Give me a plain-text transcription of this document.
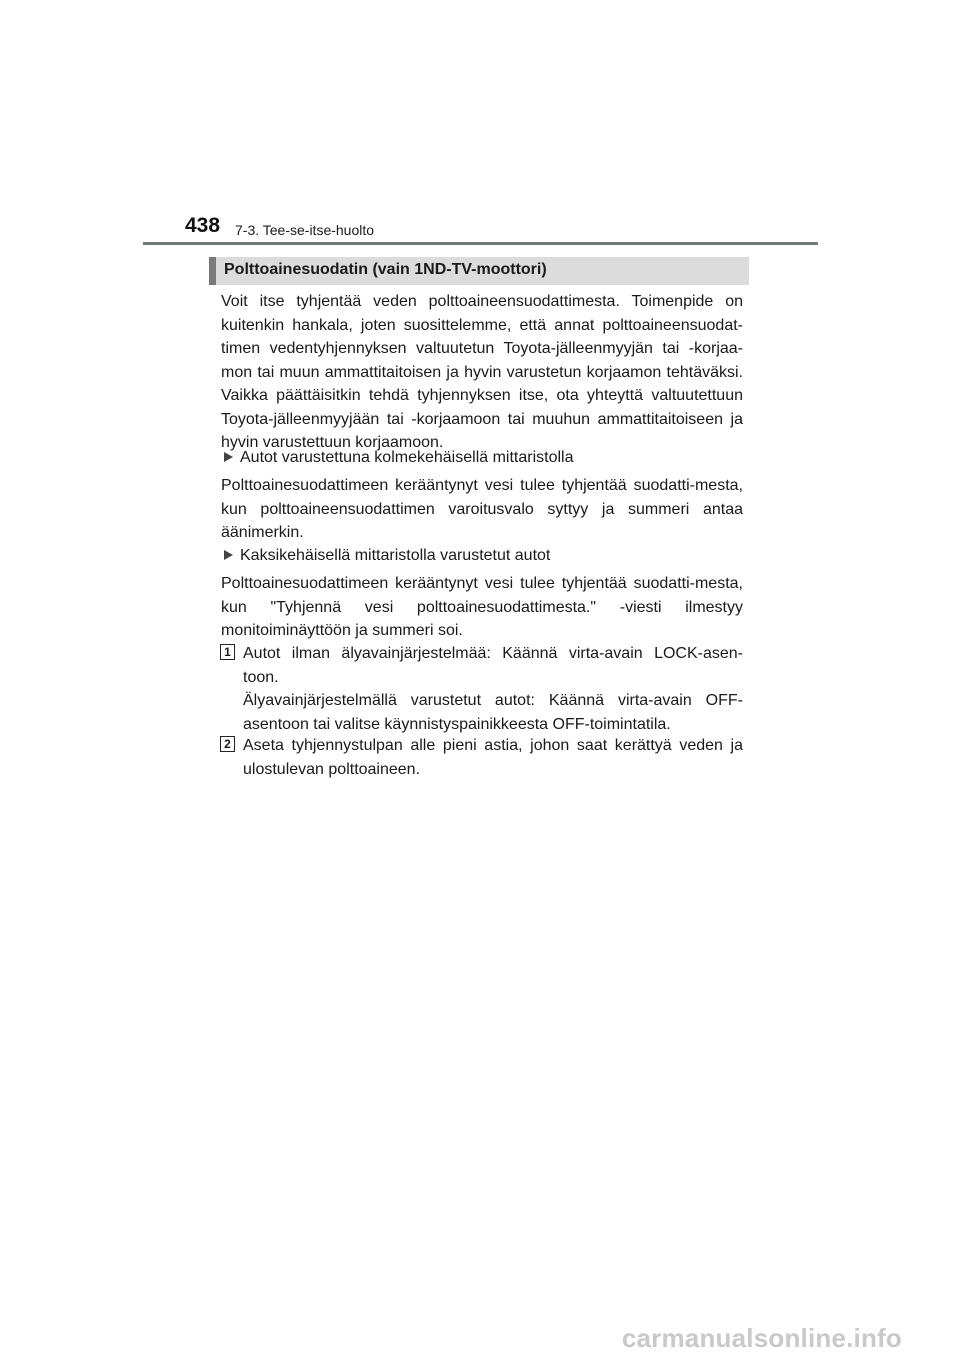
438 7-3. Tee-se-itse-huolto
Polttoainesuodatin (vain 1ND-TV-moottori)

Voit itse tyhjentää veden polttoaineensuodattimesta. Toimenpide on kuitenkin hankala, joten suosittelemme, että annat polttoaineensuodat-timen vedentyhjennyksen valtuutetun Toyota-jälleenmyyjän tai -korjaa-mon tai muun ammattitaitoisen ja hyvin varustetun korjaamon tehtäväksi. Vaikka päättäisitkin tehdä tyhjennyksen itse, ota yhteyttä valtuutettuun Toyota-jälleenmyyjään tai -korjaamoon tai muuhun ammattitaitoiseen ja hyvin varustettuun korjaamoon.

Autot varustettuna kolmekehäisellä mittaristolla

Polttoainesuodattimeen kerääntynyt vesi tulee tyhjentää suodatti-mesta, kun polttoaineensuodattimen varoitusvalo syttyy ja summeri antaa äänimerkin.

Kaksikehäisellä mittaristolla varustetut autot

Polttoainesuodattimeen kerääntynyt vesi tulee tyhjentää suodatti-mesta, kun "Tyhjennä vesi polttoainesuodattimesta." -viesti ilmestyy monitoiminäyttöön ja summeri soi.

1 Autot ilman älyavainjärjestelmää: Käännä virta-avain LOCK-asen-toon.
Älyavainjärjestelmällä varustetut autot: Käännä virta-avain OFF-asentoon tai valitse käynnistyspainikkeesta OFF-toimintatila.
2 Aseta tyhjennystulpan alle pieni astia, johon saat kerättyä veden ja ulostulevan polttoaineen.
carmanualsonline.info
